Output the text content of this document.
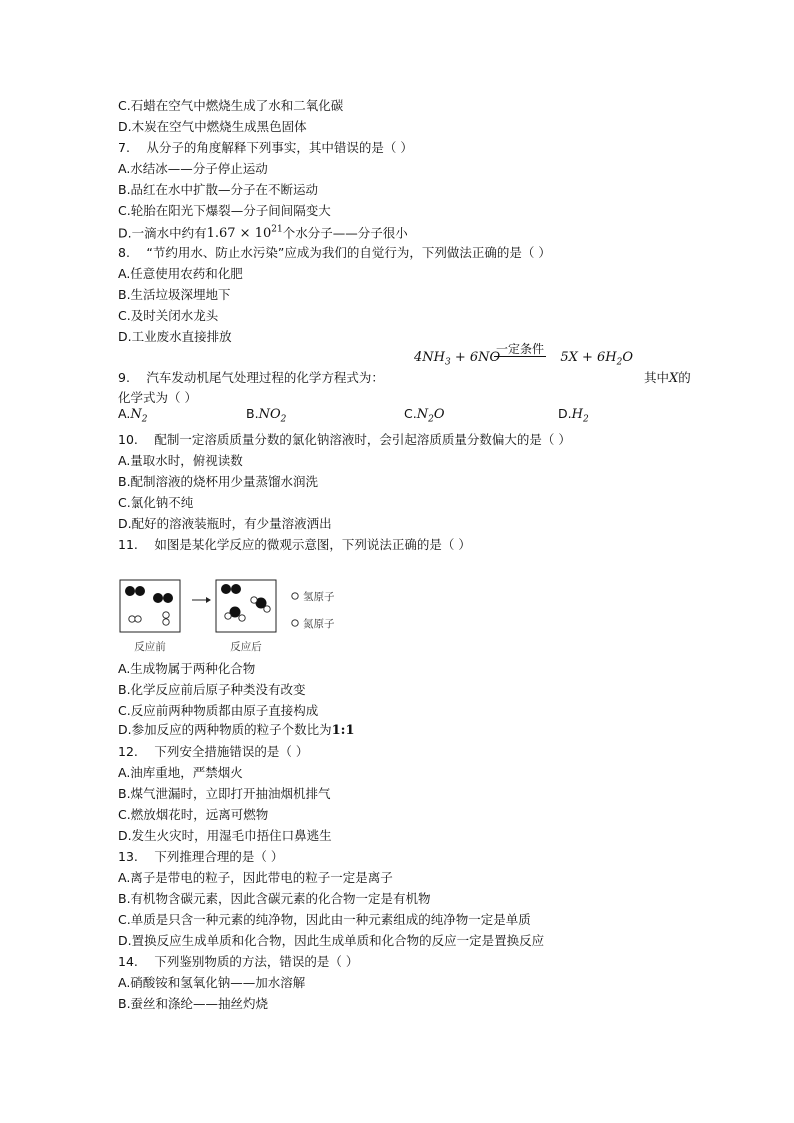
C.石蜡在空气中燃烧生成了水和二氧化碳
D.木炭在空气中燃烧生成黑色固体
7.　 从分子的角度解释下列事实，其中错误的是（ ）
A.水结冰——分子停止运动
B.品红在水中扩散—分子在不断运动
C.轮胎在阳光下爆裂—分子间间隔变大
D.一滴水中约有$1.67 \times 10^{21}$个水分子——分子很小
8.　 “节约用水、防止水污染”应成为我们的自觉行为，下列做法正确的是（ ）
A.任意使用农药和化肥
B.生活垃圾深埋地下
C.及时关闭水龙头
D.工业废水直接排放
9.　 汽车发动机尾气处理过程的化学方程式为：
$4NH_3 + 6NO$
一定条件
$5X + 6H_2O$
其中X的
化学式为（ ）
$A.N_2$	$B.NO_2$	$C.N_2O$	$D.H_2$
10.　 配制一定溶质质量分数的氯化钠溶液时，会引起溶质质量分数偏大的是（ ）
A.量取水时，俯视读数
B.配制溶液的烧杯用少量蒸馏水润洗
C.氯化钠不纯
D.配好的溶液装瓶时，有少量溶液洒出
11.　 如图是某化学反应的微观示意图，下列说法正确的是（ ）
反应前	反应后
氢原子
氮原子
A.生成物属于两种化合物
B.化学反应前后原子种类没有改变
C.反应前两种物质都由原子直接构成
D.参加反应的两种物质的粒子个数比为1:1
12.　 下列安全措施错误的是（ ）
A.油库重地，严禁烟火
B.煤气泄漏时，立即打开抽油烟机排气
C.燃放烟花时，远离可燃物
D.发生火灾时，用湿毛巾捂住口鼻逃生
13.　 下列推理合理的是（ ）
A.离子是带电的粒子，因此带电的粒子一定是离子
B.有机物含碳元素，因此含碳元素的化合物一定是有机物
C.单质是只含一种元素的纯净物，因此由一种元素组成的纯净物一定是单质
D.置换反应生成单质和化合物，因此生成单质和化合物的反应一定是置换反应
14.　 下列鉴别物质的方法，错误的是（ ）
A.硝酸铵和氢氧化钠——加水溶解
B.蚕丝和涤纶——抽丝灼烧
